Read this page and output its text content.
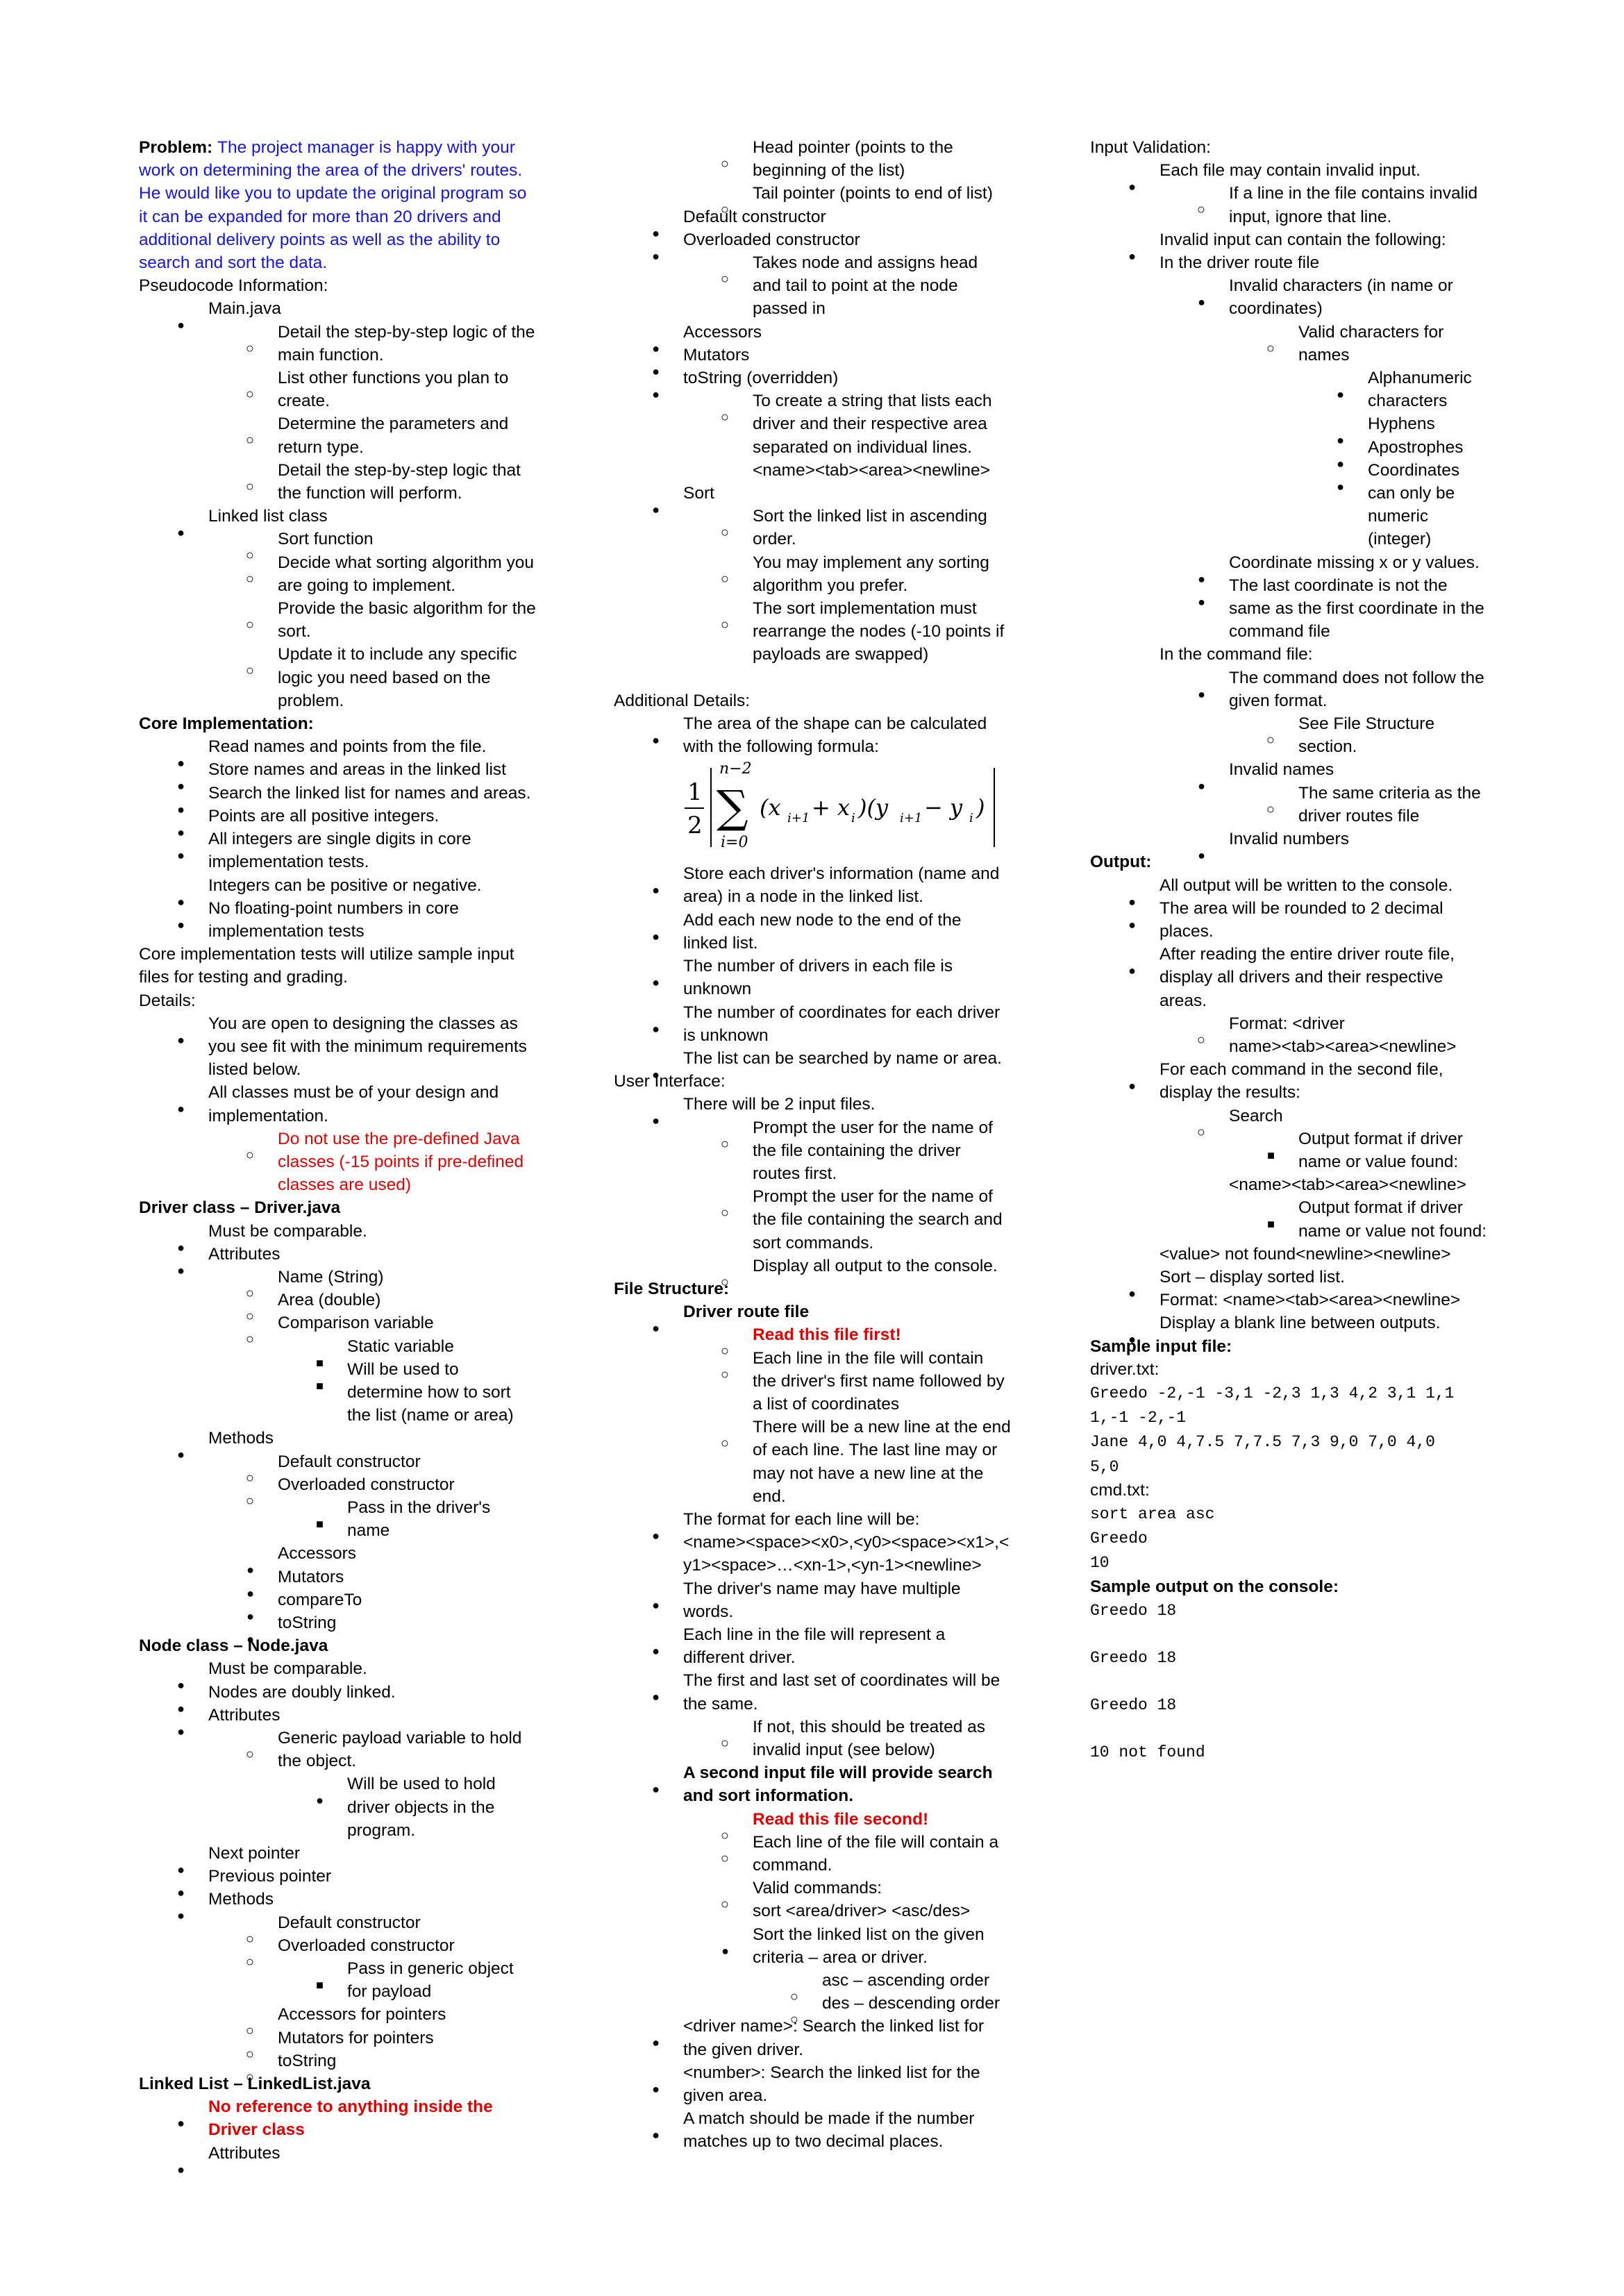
Problem: The project manager is happy with your
work on determining the area of the drivers' routes.
He would like you to update the original program so
it can be expanded for more than 20 drivers and
additional delivery points as well as the ability to
search and sort the data.
Pseudocode Information:
Main.java
Detail the step-by-step logic of the
main function.
List other functions you plan to
create.
Determine the parameters and
return type.
Detail the step-by-step logic that
the function will perform.
Linked list class
Sort function
Decide what sorting algorithm you
are going to implement.
Provide the basic algorithm for the
sort.
Update it to include any specific
logic you need based on the
problem.
Core Implementation:
Read names and points from the file.
Store names and areas in the linked list
Search the linked list for names and areas.
Points are all positive integers.
All integers are single digits in core
implementation tests.
Integers can be positive or negative.
No floating-point numbers in core
implementation tests
Core implementation tests will utilize sample input
files for testing and grading.
Details:
You are open to designing the classes as
you see fit with the minimum requirements
listed below.
All classes must be of your design and
implementation.
Do not use the pre-defined Java
classes (-15 points if pre-defined
classes are used)
Driver class – Driver.java
Must be comparable.
Attributes
Name (String)
Area (double)
Comparison variable
Static variable
Will be used to
determine how to sort
the list (name or area)
Methods
Default constructor
Overloaded constructor
Pass in the driver's
name
Accessors
Mutators
compareTo
toString
Node class – Node.java
Must be comparable.
Nodes are doubly linked.
Attributes
Generic payload variable to hold
the object.
Will be used to hold
driver objects in the
program.
Next pointer
Previous pointer
Methods
Default constructor
Overloaded constructor
Pass in generic object
for payload
Accessors for pointers
Mutators for pointers
toString
Linked List – LinkedList.java
No reference to anything inside the
Driver class
Attributes
Head pointer (points to the
beginning of the list)
Tail pointer (points to end of list)
Default constructor
Overloaded constructor
Takes node and assigns head
and tail to point at the node
passed in
Accessors
Mutators
toString (overridden)
To create a string that lists each
driver and their respective area
separated on individual lines.
<name><tab><area><newline>
Sort
Sort the linked list in ascending
order.
You may implement any sorting
algorithm you prefer.
The sort implementation must
rearrange the nodes (-10 points if
payloads are swapped)
Additional Details:
The area of the shape can be calculated
with the following formula:
1
2
n−2
∑
i=0
(x i+1 + x i )(y i+1 − y i )
Store each driver's information (name and
area) in a node in the linked list.
Add each new node to the end of the
linked list.
The number of drivers in each file is
unknown
The number of coordinates for each driver
is unknown
The list can be searched by name or area.
User Interface:
There will be 2 input files.
Prompt the user for the name of
the file containing the driver
routes first.
Prompt the user for the name of
the file containing the search and
sort commands.
Display all output to the console.
File Structure:
Driver route file
Read this file first!
Each line in the file will contain
the driver's first name followed by
a list of coordinates
There will be a new line at the end
of each line. The last line may or
may not have a new line at the
end.
The format for each line will be:
<name><space><x0>,<y0><space><x1>,<
y1><space>…<xn-1>,<yn-1><newline>
The driver's name may have multiple
words.
Each line in the file will represent a
different driver.
The first and last set of coordinates will be
the same.
If not, this should be treated as
invalid input (see below)
A second input file will provide search
and sort information.
Read this file second!
Each line of the file will contain a
command.
Valid commands:
sort <area/driver> <asc/des>
Sort the linked list on the given
criteria – area or driver.
asc – ascending order
des – descending order
<driver name>: Search the linked list for
the given driver.
<number>: Search the linked list for the
given area.
A match should be made if the number
matches up to two decimal places.
Input Validation:
Each file may contain invalid input.
If a line in the file contains invalid
input, ignore that line.
Invalid input can contain the following:
In the driver route file
Invalid characters (in name or
coordinates)
Valid characters for
names
Alphanumeric
characters
Hyphens
Apostrophes
Coordinates
can only be
numeric
(integer)
Coordinate missing x or y values.
The last coordinate is not the
same as the first coordinate in the
command file
In the command file:
The command does not follow the
given format.
See File Structure
section.
Invalid names
The same criteria as the
driver routes file
Invalid numbers
Output:
All output will be written to the console.
The area will be rounded to 2 decimal
places.
After reading the entire driver route file,
display all drivers and their respective
areas.
Format: <driver
name><tab><area><newline>
For each command in the second file,
display the results:
Search
Output format if driver
name or value found:
<name><tab><area><newline>
Output format if driver
name or value not found:
<value> not found<newline><newline>
Sort – display sorted list.
Format: <name><tab><area><newline>
Display a blank line between outputs.
Sample input file:
driver.txt:
Greedo -2,-1 -3,1 -2,3 1,3 4,2 3,1 1,1
1,-1 -2,-1
Jane 4,0 4,7.5 7,7.5 7,3 9,0 7,0 4,0
5,0
cmd.txt:
sort area asc
Greedo
10
Sample output on the console:
Greedo 18
Greedo 18
Greedo 18
10 not found
